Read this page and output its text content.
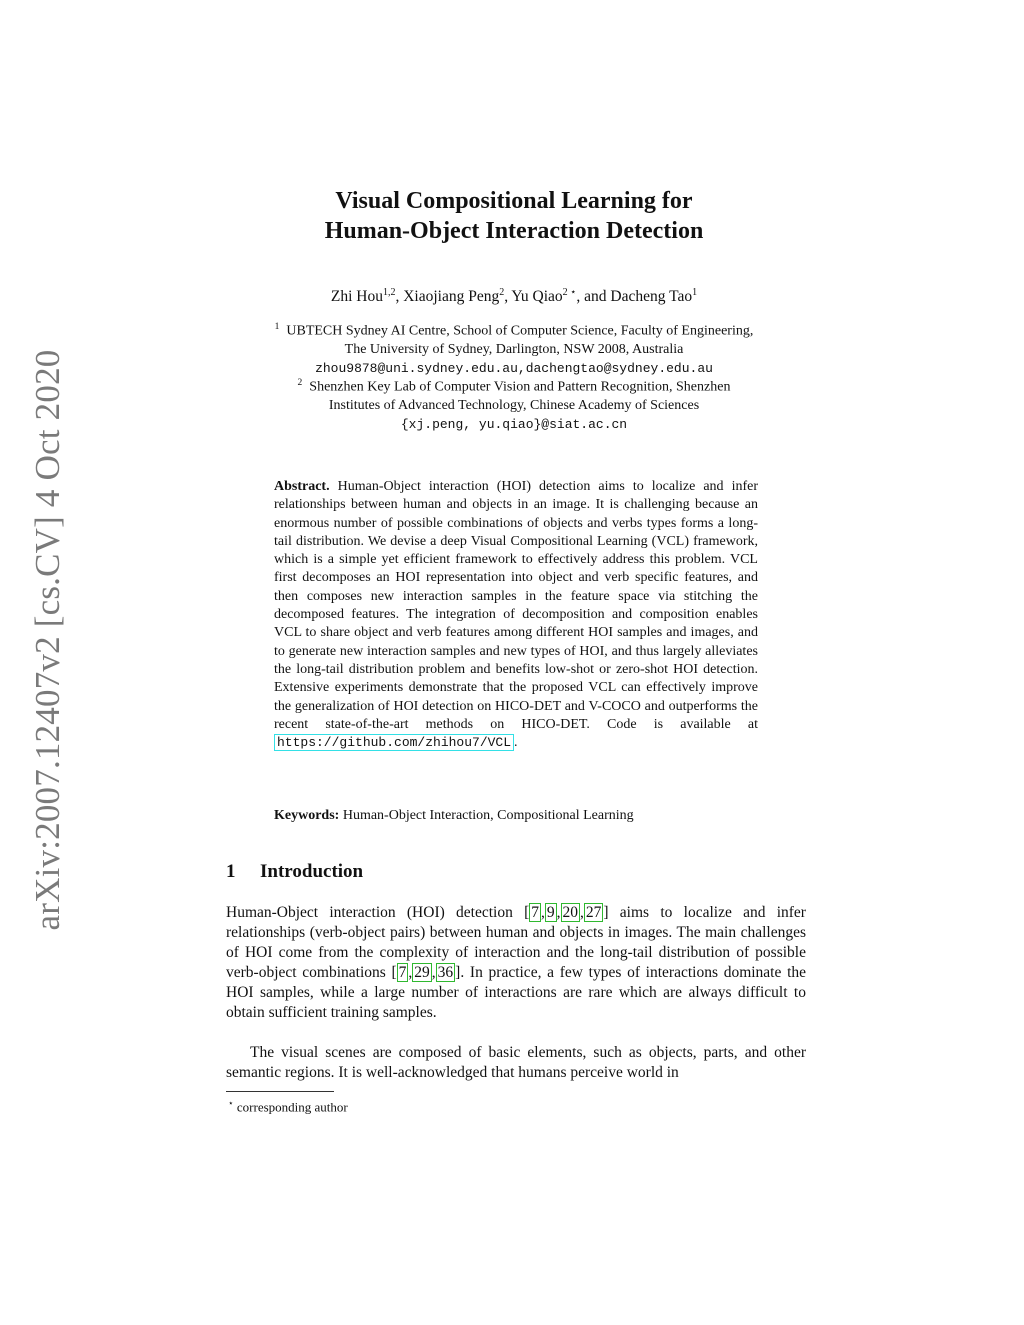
arXiv:2007.12407v2 [cs.CV] 4 Oct 2020
Visual Compositional Learning for
Human-Object Interaction Detection
Zhi Hou$^{1,2}$, Xiaojiang Peng$^2$, Yu Qiao$^{2 ⋆}$, and Dacheng Tao$^1$
$^1$ UBTECH Sydney AI Centre, School of Computer Science, Faculty of Engineering,
The University of Sydney, Darlington, NSW 2008, Australia
zhou9878@uni.sydney.edu.au,dachengtao@sydney.edu.au
$^2$ Shenzhen Key Lab of Computer Vision and Pattern Recognition, Shenzhen
Institutes of Advanced Technology, Chinese Academy of Sciences
{xj.peng, yu.qiao}@siat.ac.cn
Abstract. Human-Object interaction (HOI) detection aims to localize and infer relationships between human and objects in an image. It is challenging because an enormous number of possible combinations of objects and verbs types forms a long-tail distribution. We devise a deep Visual Compositional Learning (VCL) framework, which is a simple yet efficient framework to effectively address this problem. VCL first decomposes an HOI representation into object and verb specific features, and then composes new interaction samples in the feature space via stitching the decomposed features. The integration of decomposition and composition enables VCL to share object and verb features among different HOI samples and images, and to generate new interaction samples and new types of HOI, and thus largely alleviates the long-tail distribution problem and benefits low-shot or zero-shot HOI detection. Extensive experiments demonstrate that the proposed VCL can effectively improve the generalization of HOI detection on HICO-DET and V-COCO and outperforms the recent state-of-the-art methods on HICO-DET. Code is available at https://github.com/zhihou7/VCL .
Keywords: Human-Object Interaction, Compositional Learning
1 Introduction
Human-Object interaction (HOI) detection [ 7 , 9 , 20 , 27 ] aims to localize and infer relationships (verb-object pairs) between human and objects in images. The main challenges of HOI come from the complexity of interaction and the long-tail distribution of possible verb-object combinations [ 7 , 29 , 36 ]. In practice, a few types of interactions dominate the HOI samples, while a large number of interactions are rare which are always difficult to obtain sufficient training samples.
The visual scenes are composed of basic elements, such as objects, parts, and other semantic regions. It is well-acknowledged that humans perceive world in
⋆ corresponding author
